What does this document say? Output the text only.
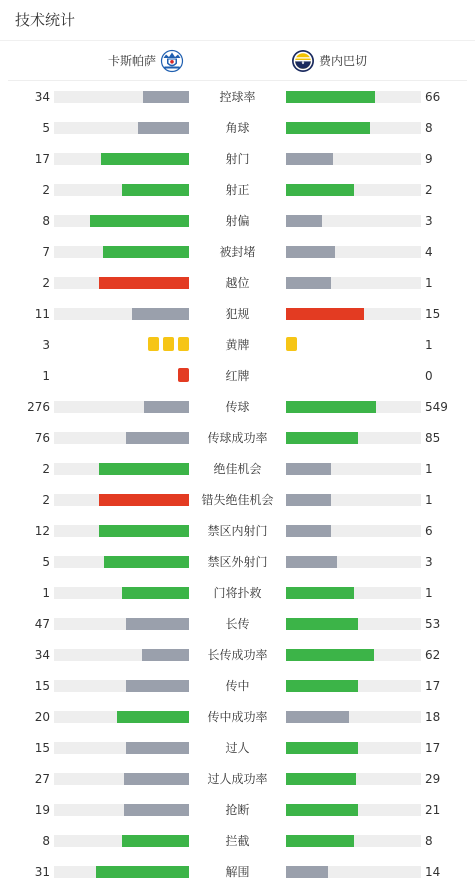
技术统计
卡斯帕萨	费内巴切
34	控球率	66
5	角球	8
17	射门	9
2	射正	2
8	射偏	3
7	被封堵	4
2	越位	1
11	犯规	15
3	黄牌	1
1	红牌	0
276	传球	549
76	传球成功率	85
2	绝佳机会	1
2	错失绝佳机会	1
12	禁区内射门	6
5	禁区外射门	3
1	门将扑救	1
47	长传	53
34	长传成功率	62
15	传中	17
20	传中成功率	18
15	过人	17
27	过人成功率	29
19	抢断	21
8	拦截	8
31	解围	14
